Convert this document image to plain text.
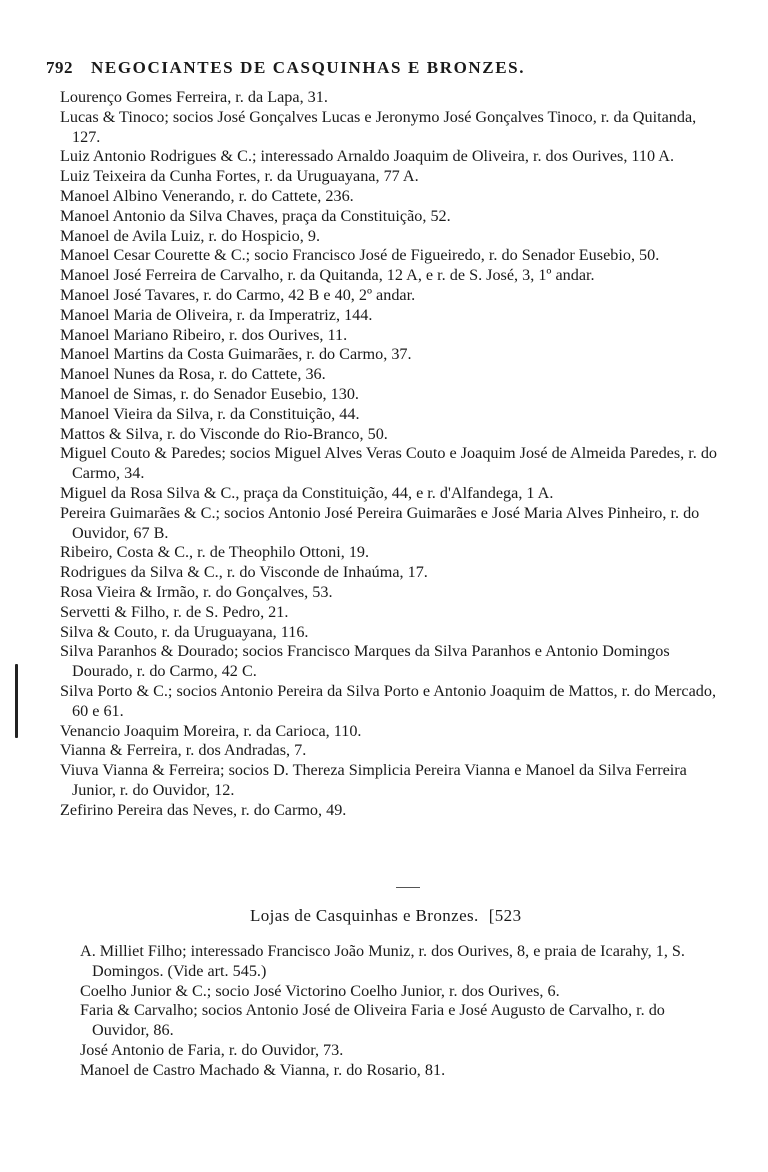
792 NEGOCIANTES DE CASQUINHAS E BRONZES.

Lourenço Gomes Ferreira, r. da Lapa, 31.

Lucas & Tinoco; socios José Gonçalves Lucas e Jeronymo José Gonçalves Tinoco, r. da Quitanda, 127.

Luiz Antonio Rodrigues & C.; interessado Arnaldo Joaquim de Oliveira, r. dos Ourives, 110 A.

Luiz Teixeira da Cunha Fortes, r. da Uruguayana, 77 A.

Manoel Albino Venerando, r. do Cattete, 236.

Manoel Antonio da Silva Chaves, praça da Constituição, 52.

Manoel de Avila Luiz, r. do Hospicio, 9.

Manoel Cesar Courette & C.; socio Francisco José de Figueiredo, r. do Senador Eusebio, 50.

Manoel José Ferreira de Carvalho, r. da Quitanda, 12 A, e r. de S. José, 3, 1º andar.

Manoel José Tavares, r. do Carmo, 42 B e 40, 2º andar.

Manoel Maria de Oliveira, r. da Imperatriz, 144.

Manoel Mariano Ribeiro, r. dos Ourives, 11.

Manoel Martins da Costa Guimarães, r. do Carmo, 37.

Manoel Nunes da Rosa, r. do Cattete, 36.

Manoel de Simas, r. do Senador Eusebio, 130.

Manoel Vieira da Silva, r. da Constituição, 44.

Mattos & Silva, r. do Visconde do Rio-Branco, 50.

Miguel Couto & Paredes; socios Miguel Alves Veras Couto e Joaquim José de Almeida Paredes, r. do Carmo, 34.

Miguel da Rosa Silva & C., praça da Constituição, 44, e r. d'Alfandega, 1 A.

Pereira Guimarães & C.; socios Antonio José Pereira Guimarães e José Maria Alves Pinheiro, r. do Ouvidor, 67 B.

Ribeiro, Costa & C., r. de Theophilo Ottoni, 19.

Rodrigues da Silva & C., r. do Visconde de Inhaúma, 17.

Rosa Vieira & Irmão, r. do Gonçalves, 53.

Servetti & Filho, r. de S. Pedro, 21.

Silva & Couto, r. da Uruguayana, 116.

Silva Paranhos & Dourado; socios Francisco Marques da Silva Paranhos e Antonio Domingos Dourado, r. do Carmo, 42 C.

Silva Porto & C.; socios Antonio Pereira da Silva Porto e Antonio Joaquim de Mattos, r. do Mercado, 60 e 61.

Venancio Joaquim Moreira, r. da Carioca, 110.

Vianna & Ferreira, r. dos Andradas, 7.

Viuva Vianna & Ferreira; socios D. Thereza Simplicia Pereira Vianna e Manoel da Silva Ferreira Junior, r. do Ouvidor, 12.

Zefirino Pereira das Neves, r. do Carmo, 49.

Lojas de Casquinhas e Bronzes. [523

A. Milliet Filho; interessado Francisco João Muniz, r. dos Ourives, 8, e praia de Icarahy, 1, S. Domingos. (Vide art. 545.)

Coelho Junior & C.; socio José Victorino Coelho Junior, r. dos Ourives, 6.

Faria & Carvalho; socios Antonio José de Oliveira Faria e José Augusto de Carvalho, r. do Ouvidor, 86.

José Antonio de Faria, r. do Ouvidor, 73.

Manoel de Castro Machado & Vianna, r. do Rosario, 81.
